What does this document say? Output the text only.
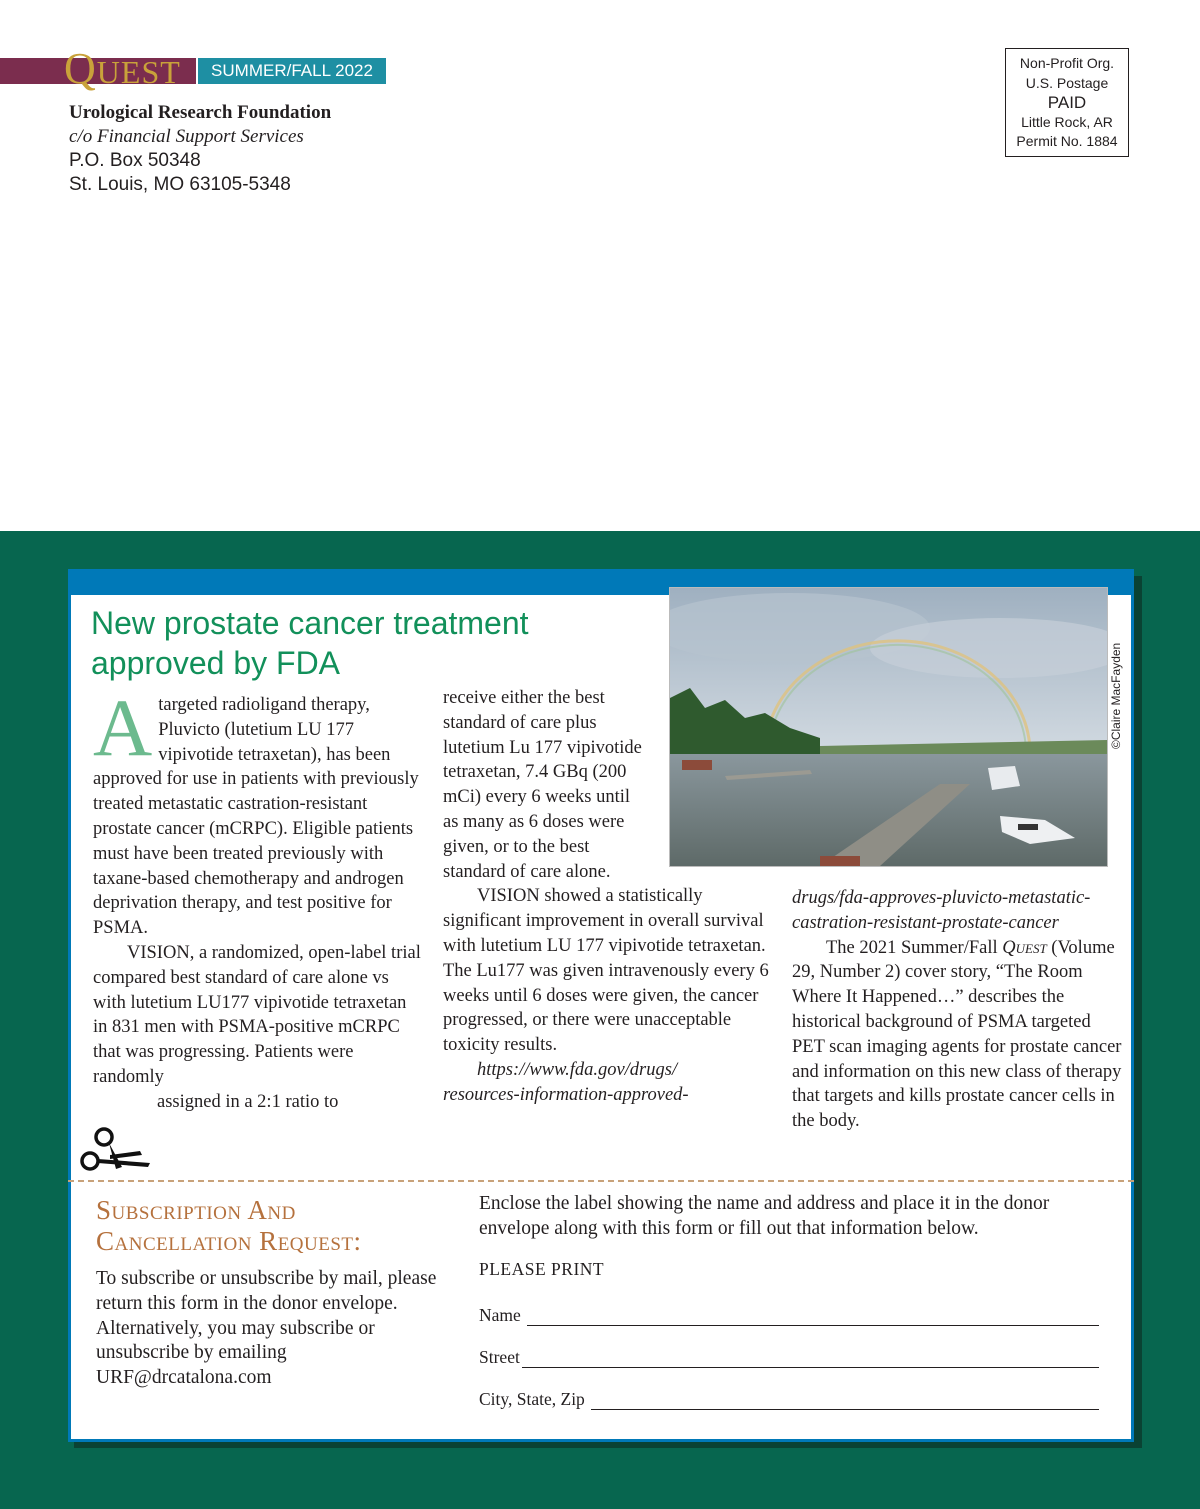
QUEST	SUMMER/FALL 2022
Urological Research Foundation
c/o Financial Support Services
P.O. Box 50348
St. Louis, MO 63105-5348
Non-Profit Org.
U.S. Postage
PAID
Little Rock, AR
Permit No. 1884
©Claire MacFayden
New prostate cancer treatment approved by FDA

A targeted radioligand therapy, Pluvicto (lutetium LU 177 vipivotide tetraxetan), has been approved for use in patients with previously treated metastatic castration-resistant prostate cancer (mCRPC). Eligible patients must have been treated previously with taxane-based chemotherapy and androgen deprivation therapy, and test positive for PSMA.

VISION, a randomized, open-label trial compared best standard of care alone vs with lutetium LU177 vipivotide tetraxetan in 831 men with PSMA-positive mCRPC that was progressing. Patients were randomly

assigned in a 2:1 ratio to

receive either the best standard of care plus lutetium Lu 177 vipivotide tetraxetan, 7.4 GBq (200 mCi) every 6 weeks until as many as 6 doses were given, or to the best standard of care alone.

VISION showed a statistically significant improvement in overall survival with lutetium LU 177 vipivotide tetraxetan. The Lu177 was given intravenously every 6 weeks until 6 doses were given, the cancer progressed, or there were unacceptable toxicity results.

https://www.fda.gov/drugs/ resources-information-approved-

drugs/fda-approves-pluvicto-metastatic-castration-resistant-prostate-cancer

The 2021 Summer/Fall Quest (Volume 29, Number 2) cover story, “The Room Where It Happened…” describes the historical background of PSMA targeted PET scan imaging agents for prostate cancer and information on this new class of therapy that targets and kills prostate cancer cells in the body.

Subscription And Cancellation Request:
To subscribe or unsubscribe by mail, please return this form in the donor envelope. Alternatively, you may subscribe or unsubscribe by emailing URF@drcatalona.com
Enclose the label showing the name and address and place it in the donor envelope along with this form or fill out that information below.
PLEASE PRINT
Name
Street
City, State, Zip
